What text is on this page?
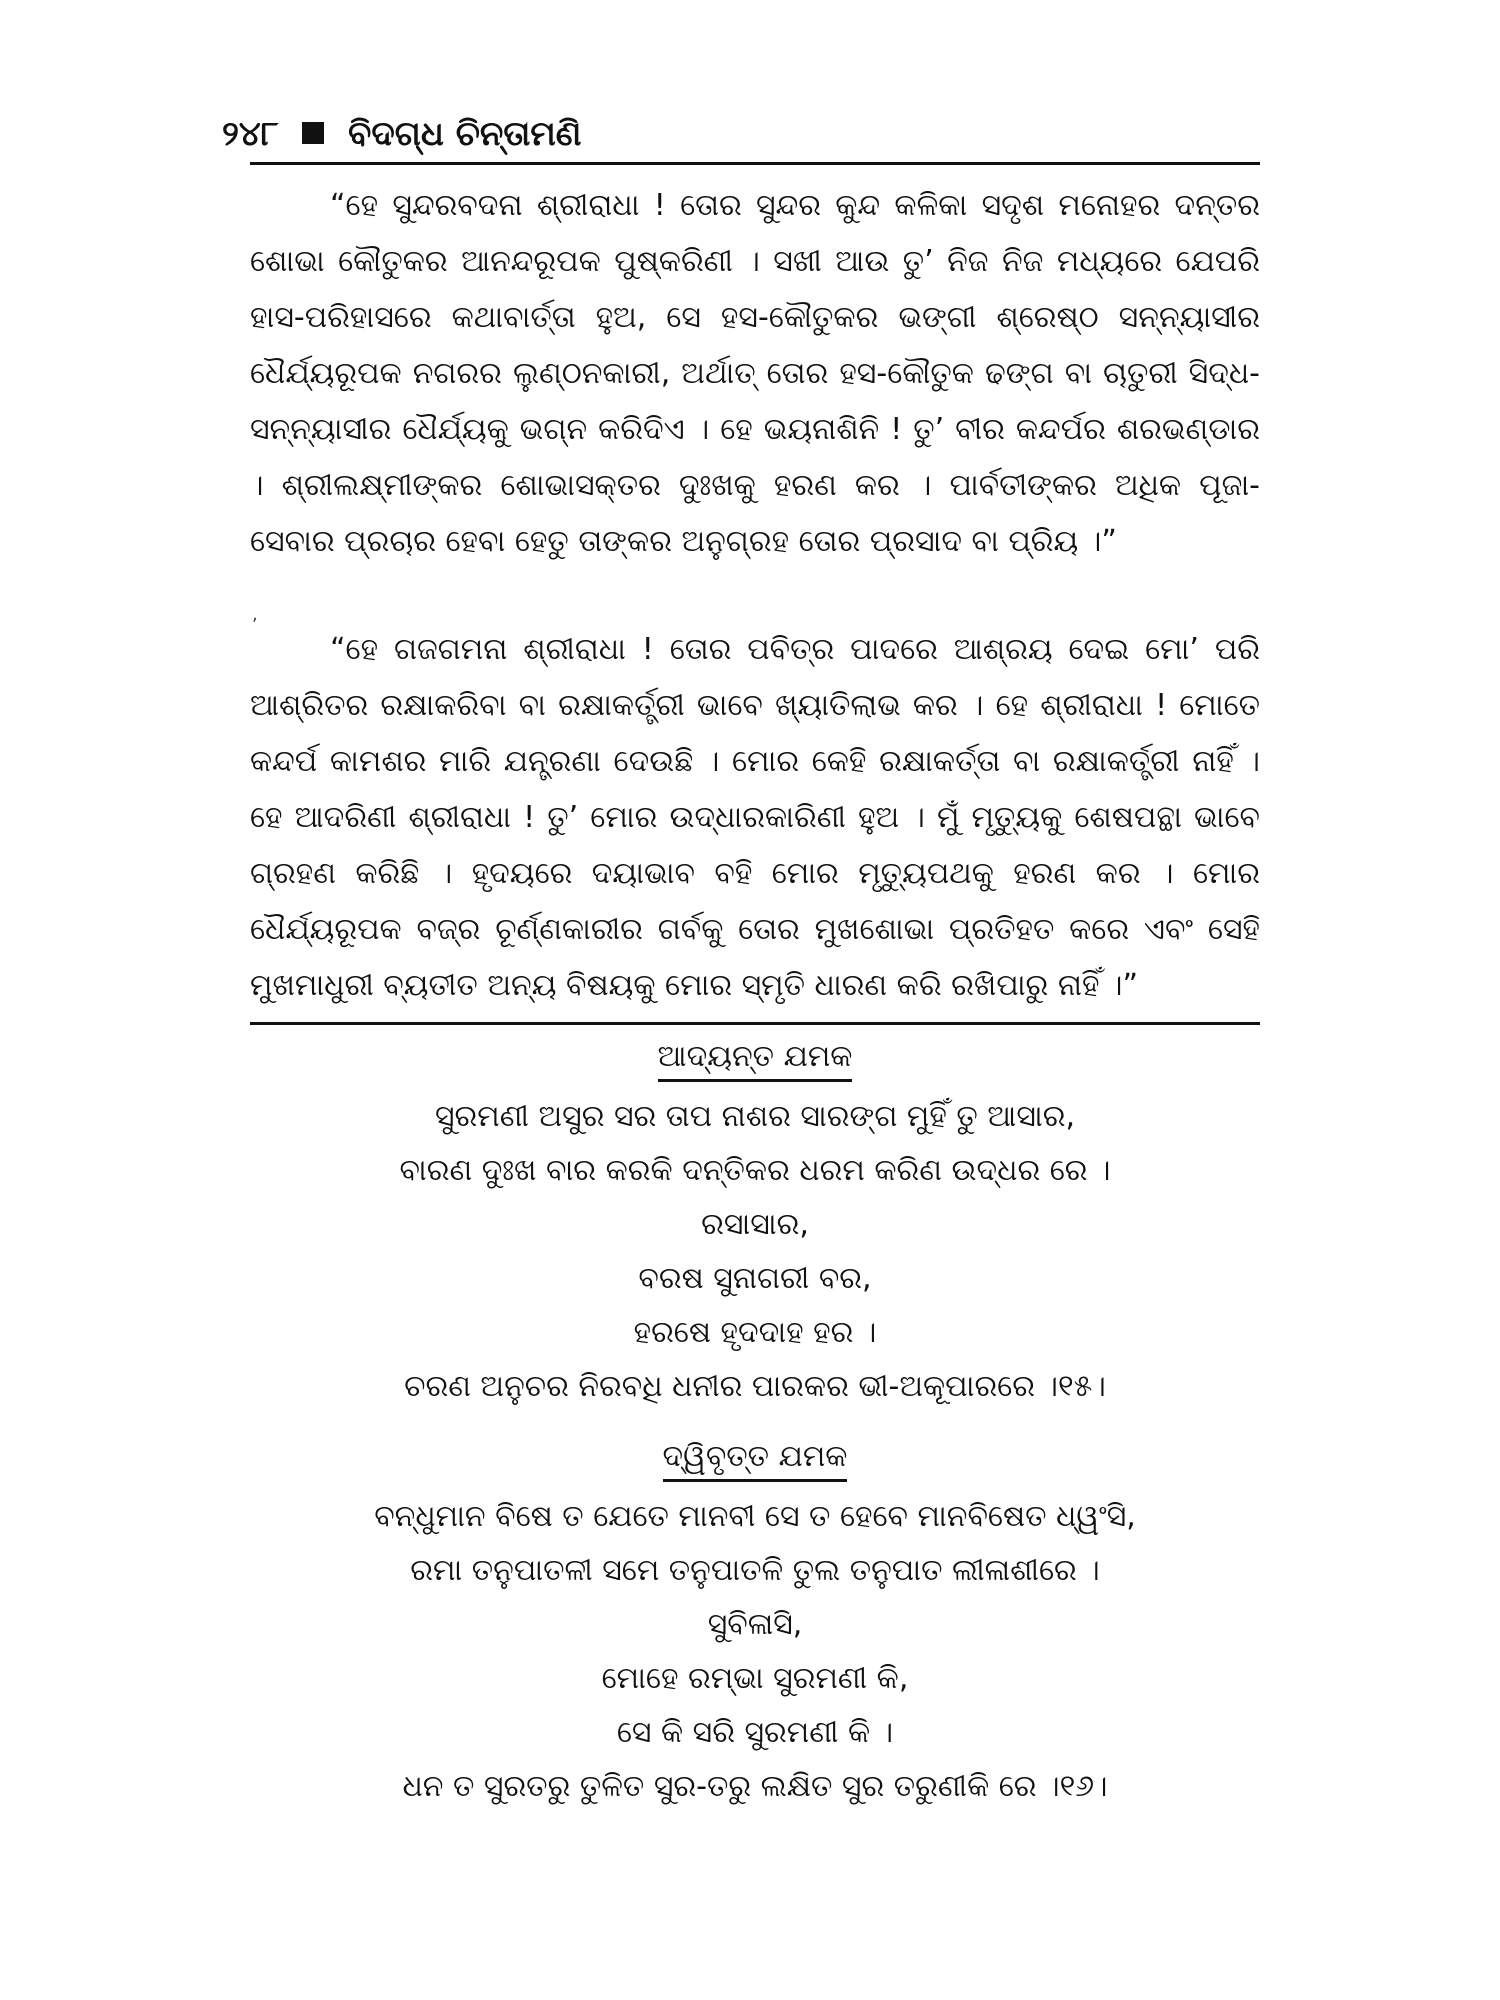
୨୪୮ ବିଦଗ୍ଧ ଚିନ୍ତାମଣି

“ହେ ସୁନ୍ଦରବଦନା ଶ୍ରୀରାଧା ! ତୋର ସୁନ୍ଦର କୁନ୍ଦ କଳିକା ସଦୃଶ ମନୋହର ଦନ୍ତର ଶୋଭା କୌତୁକର ଆନନ୍ଦରୂପକ ପୁଷ୍କରିଣୀ । ସଖୀ ଆଉ ତୁ’ ନିଜ ନିଜ ମଧ୍ୟରେ ଯେପରି ହାସ-ପରିହାସରେ କଥାବାର୍ତ୍ତା ହୁଅ, ସେ ହସ-କୌତୁକର ଭଙ୍ଗୀ ଶ୍ରେଷ୍ଠ ସନ୍ନ୍ୟାସୀର ଧୈର୍ଯ୍ୟରୂପକ ନଗରର ଲୁଣ୍ଠନକାରୀ, ଅର୍ଥାତ୍ ତୋର ହସ-କୌତୁକ ଢଙ୍ଗ ବା ଚାତୁରୀ ସିଦ୍ଧ-ସନ୍ନ୍ୟାସୀର ଧୈର୍ଯ୍ୟକୁ ଭଗ୍ନ କରିଦିଏ । ହେ ଭୟନାଶିନି ! ତୁ’ ବୀର କନ୍ଦର୍ପର ଶରଭଣ୍ଡାର । ଶ୍ରୀଲକ୍ଷ୍ମୀଙ୍କର ଶୋଭାସକ୍ତର ଦୁଃଖକୁ ହରଣ କର । ପାର୍ବତୀଙ୍କର ଅଧିକ ପୂଜା-ସେବାର ପ୍ରଚାର ହେବା ହେତୁ ତାଙ୍କର ଅନୁଗ୍ରହ ତୋର ପ୍ରସାଦ ବା ପ୍ରିୟ ।”

“ହେ ଗଜଗମନା ଶ୍ରୀରାଧା ! ତୋର ପବିତ୍ର ପାଦରେ ଆଶ୍ରୟ ଦେଇ ମୋ’ ପରି ଆଶ୍ରିତର ରକ୍ଷାକରିବା ବା ରକ୍ଷାକର୍ତ୍ତ୍ରୀ ଭାବେ ଖ୍ୟାତିଲାଭ କର । ହେ ଶ୍ରୀରାଧା ! ମୋତେ କନ୍ଦର୍ପ କାମଶର ମାରି ଯନ୍ତ୍ରଣା ଦେଉଛି । ମୋର କେହି ରକ୍ଷାକର୍ତ୍ତା ବା ରକ୍ଷାକର୍ତ୍ତ୍ରୀ ନାହିଁ । ହେ ଆଦରିଣୀ ଶ୍ରୀରାଧା ! ତୁ’ ମୋର ଉଦ୍ଧାରକାରିଣୀ ହୁଅ । ମୁଁ ମୃତ୍ୟୁକୁ ଶେଷପନ୍ଥା ଭାବେ ଗ୍ରହଣ କରିଛି । ହୃଦୟରେ ଦୟାଭାବ ବହି ମୋର ମୃତ୍ୟୁପଥକୁ ହରଣ କର । ମୋର ଧୈର୍ଯ୍ୟରୂପକ ବଜ୍ର ଚୂର୍ଣ୍ଣକାରୀର ଗର୍ବକୁ ତୋର ମୁଖଶୋଭା ପ୍ରତିହତ କରେ ଏବଂ ସେହି ମୁଖମାଧୁରୀ ବ୍ୟତୀତ ଅନ୍ୟ ବିଷୟକୁ ମୋର ସ୍ମୃତି ଧାରଣ କରି ରଖିପାରୁ ନାହିଁ ।”

,
ଆଦ୍ୟନ୍ତ ଯମକ
ସୁରମଣୀ ଅସୁର ସର ତାପ ନାଶର ସାରଙ୍ଗ ମୁହିଁ ତୁ ଆସାର,
ବାରଣ ଦୁଃଖ ବାର କରକି ଦନ୍ତିକର ଧରମ କରିଣ ଉଦ୍ଧର ରେ ।
ରସାସାର,
ବରଷ ସୁନାଗରୀ ବର,
ହରଷେ ହୃଦଦାହ ହର ।
ଚରଣ ଅନୁଚର ନିରବଧି ଧନୀର ପାରକର ଭୀ-ଅକୂପାରରେ ।୧୫।
ଦ୍ୱିବୃତ୍ତ ଯମକ
ବନ୍ଧୁମାନ ବିଷେ ତ ଯେତେ ମାନବୀ ସେ ତ ହେବେ ମାନବିଷେତ ଧ୍ୱଂସି,
ରମା ତନୁପାତଳୀ ସମେ ତନୁପାତଳି ତୁଲ ତନୁପାତ ଲୀଳାଶୀରେ ।
ସୁବିଳାସି,
ମୋହେ ରମ୍ଭା ସୁରମଣୀ କି,
ସେ କି ସରି ସୁରମଣୀ କି ।
ଧନ ତ ସୁରତରୁ ତୁଳିତ ସୁର-ତରୁ ଲକ୍ଷିତ ସୁର ତରୁଣୀକି ରେ ।୧୬।
